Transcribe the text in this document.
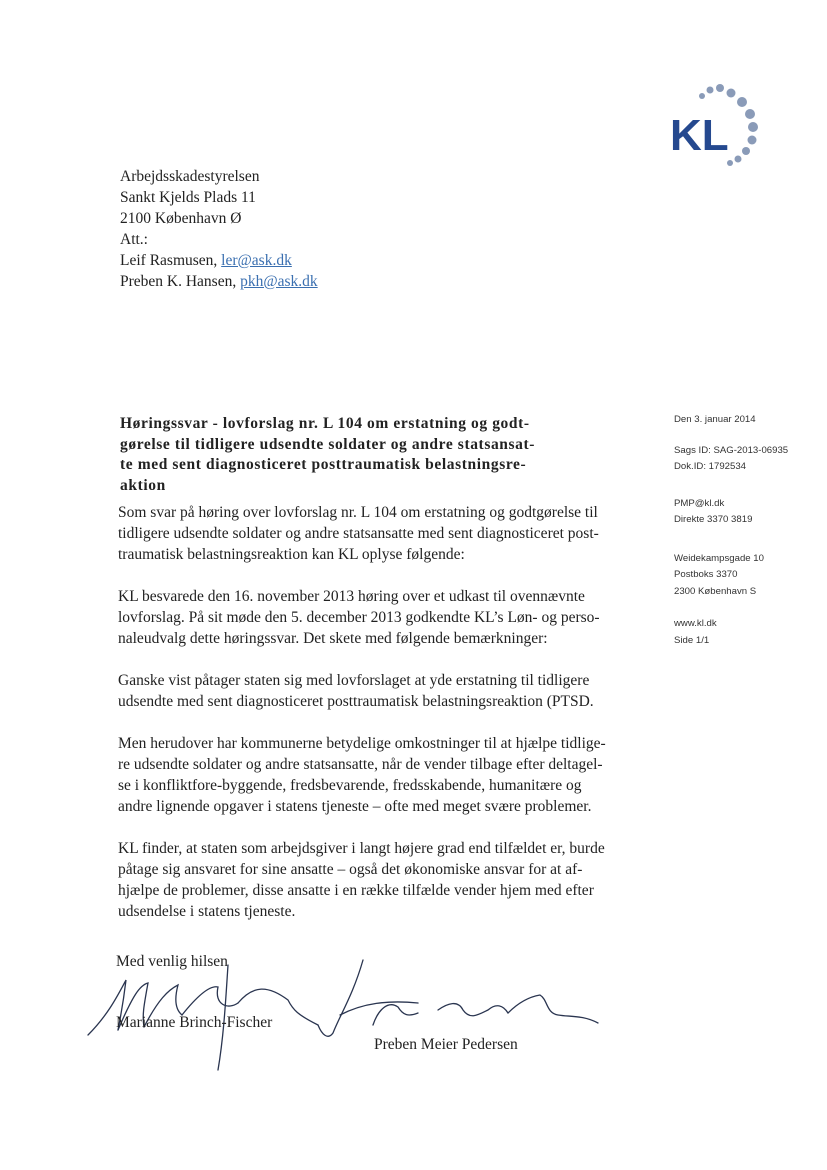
KL
Arbejdsskadestyrelsen
Sankt Kjelds Plads 11
2100 København Ø
Att.:
Leif Rasmusen, ler@ask.dk
Preben K. Hansen, pkh@ask.dk
Høringssvar - lovforslag nr. L 104 om erstatning og godt-
gørelse til tidligere udsendte soldater og andre statsansat-
te med sent diagnosticeret posttraumatisk belastningsre-
aktion
Som svar på høring over lovforslag nr. L 104 om erstatning og godtgørelse til
tidligere udsendte soldater og andre statsansatte med sent diagnosticeret post-
traumatisk belastningsreaktion kan KL oplyse følgende:
KL besvarede den 16. november 2013 høring over et udkast til ovennævnte
lovforslag. På sit møde den 5. december 2013 godkendte KL’s Løn- og perso-
naleudvalg dette høringssvar. Det skete med følgende bemærkninger:
Ganske vist påtager staten sig med lovforslaget at yde erstatning til tidligere
udsendte med sent diagnosticeret posttraumatisk belastningsreaktion (PTSD.
Men herudover har kommunerne betydelige omkostninger til at hjælpe tidlige-
re udsendte soldater og andre statsansatte, når de vender tilbage efter deltagel-
se i konfliktfore-byggende, fredsbevarende, fredsskabende, humanitære og
andre lignende opgaver i statens tjeneste – ofte med meget svære problemer.
KL finder, at staten som arbejdsgiver i langt højere grad end tilfældet er, burde
påtage sig ansvaret for sine ansatte – også det økonomiske ansvar for at af-
hjælpe de problemer, disse ansatte i en række tilfælde vender hjem med efter
udsendelse i statens tjeneste.
Den 3. januar 2014
Sags ID: SAG-2013-06935
Dok.ID: 1792534
PMP@kl.dk
Direkte 3370 3819
Weidekampsgade 10
Postboks 3370
2300 København S
www.kl.dk
Side 1/1
Med venlig hilsen
Marianne Brinch-Fischer
Preben Meier Pedersen
